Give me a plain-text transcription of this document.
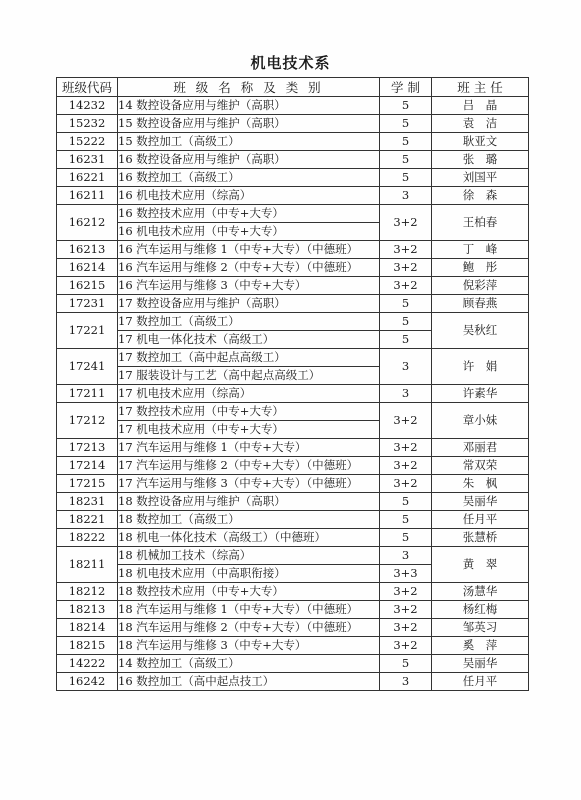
机电技术系
班级代码	班 级 名 称 及 类 别	学 制	班 主 任
14232	14 数控设备应用与维护（高职）	5	吕　晶
15232	15 数控设备应用与维护（高职）	5	袁　洁
15222	15 数控加工（高级工）	5	耿亚文
16231	16 数控设备应用与维护（高职）	5	张　璐
16221	16 数控加工（高级工）	5	刘国平
16211	16 机电技术应用（综高）	3	徐　森
16212	16 数控技术应用（中专+大专）	3+2	王柏春
	16 机电技术应用（中专+大专）		
16213	16 汽车运用与维修 1（中专+大专）（中德班）	3+2	丁　峰
16214	16 汽车运用与维修 2（中专+大专）（中德班）	3+2	鲍　彤
16215	16 汽车运用与维修 3（中专+大专）	3+2	倪彩萍
17231	17 数控设备应用与维护（高职）	5	顾春燕
17221	17 数控加工（高级工）	5	吴秋红
	17 机电一体化技术（高级工）	5	
17241	17 数控加工（高中起点高级工）	3	许　娟
	17 服装设计与工艺（高中起点高级工）		
17211	17 机电技术应用（综高）	3	许素华
17212	17 数控技术应用（中专+大专）	3+2	章小妹
	17 机电技术应用（中专+大专）		
17213	17 汽车运用与维修 1（中专+大专）	3+2	邓丽君
17214	17 汽车运用与维修 2（中专+大专）（中德班）	3+2	常双荣
17215	17 汽车运用与维修 3（中专+大专）（中德班）	3+2	朱　枫
18231	18 数控设备应用与维护（高职）	5	吴丽华
18221	18 数控加工（高级工）	5	任月平
18222	18 机电一体化技术（高级工）（中德班）	5	张慧桥
18211	18 机械加工技术（综高）	3	黄　翠
	18 机电技术应用（中高职衔接）	3+3	
18212	18 数控技术应用（中专+大专）	3+2	汤慧华
18213	18 汽车运用与维修 1（中专+大专）（中德班）	3+2	杨红梅
18214	18 汽车运用与维修 2（中专+大专）（中德班）	3+2	邹英习
18215	18 汽车运用与维修 3（中专+大专）	3+2	奚　萍
14222	14 数控加工（高级工）	5	吴丽华
16242	16 数控加工（高中起点技工）	3	任月平
